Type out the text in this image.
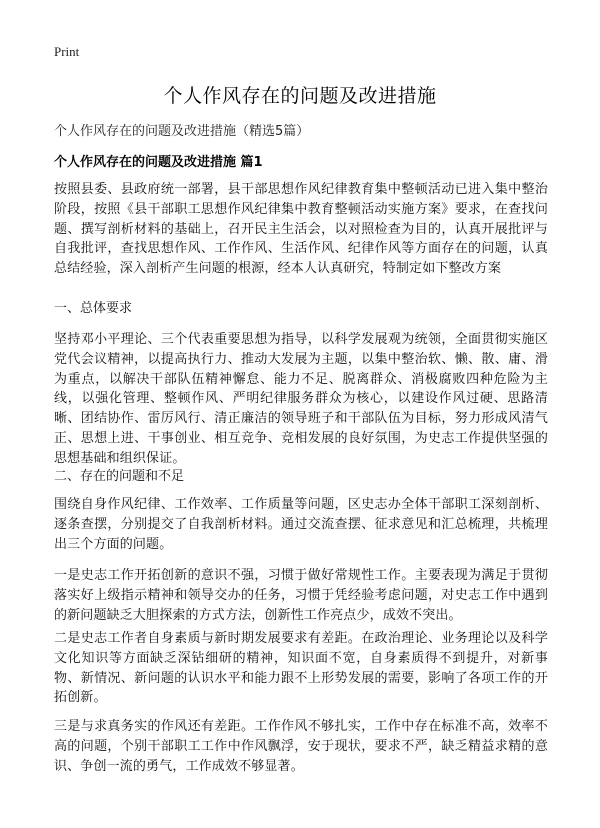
Print
个人作风存在的问题及改进措施
个人作风存在的问题及改进措施（精选5篇）
个人作风存在的问题及改进措施 篇1

按照县委、县政府统一部署，县干部思想作风纪律教育集中整顿活动已进入集中整治阶段，按照《县干部职工思想作风纪律集中教育整顿活动实施方案》要求，在查找问题、撰写剖析材料的基础上，召开民主生活会，以对照检查为目的，认真开展批评与自我批评，查找思想作风、工作作风、生活作风、纪律作风等方面存在的问题，认真总结经验，深入剖析产生问题的根源，经本人认真研究，特制定如下整改方案

一、总体要求

坚持邓小平理论、三个代表重要思想为指导，以科学发展观为统领，全面贯彻实施区党代会议精神，以提高执行力、推动大发展为主题，以集中整治软、懒、散、庸、滑为重点，以解决干部队伍精神懈怠、能力不足、脱离群众、消极腐败四种危险为主线，以强化管理、整顿作风、严明纪律服务群众为核心，以建设作风过硬、思路清晰、团结协作、雷厉风行、清正廉洁的领导班子和干部队伍为目标，努力形成风清气正、思想上进、干事创业、相互竞争、竞相发展的良好氛围，为史志工作提供坚强的思想基础和组织保证。

二、存在的问题和不足

围绕自身作风纪律、工作效率、工作质量等问题，区史志办全体干部职工深刻剖析、逐条查摆，分别提交了自我剖析材料。通过交流查摆、征求意见和汇总梳理，共梳理出三个方面的问题。

一是史志工作开拓创新的意识不强，习惯于做好常规性工作。主要表现为满足于贯彻落实好上级指示精神和领导交办的任务，习惯于凭经验考虑问题，对史志工作中遇到的新问题缺乏大胆探索的方式方法，创新性工作亮点少，成效不突出。

二是史志工作者自身素质与新时期发展要求有差距。在政治理论、业务理论以及科学文化知识等方面缺乏深钻细研的精神，知识面不宽，自身素质得不到提升，对新事物、新情况、新问题的认识水平和能力跟不上形势发展的需要，影响了各项工作的开拓创新。

三是与求真务实的作风还有差距。工作作风不够扎实，工作中存在标准不高，效率不高的问题，个别干部职工工作中作风飘浮，安于现状，要求不严，缺乏精益求精的意识、争创一流的勇气，工作成效不够显著。
